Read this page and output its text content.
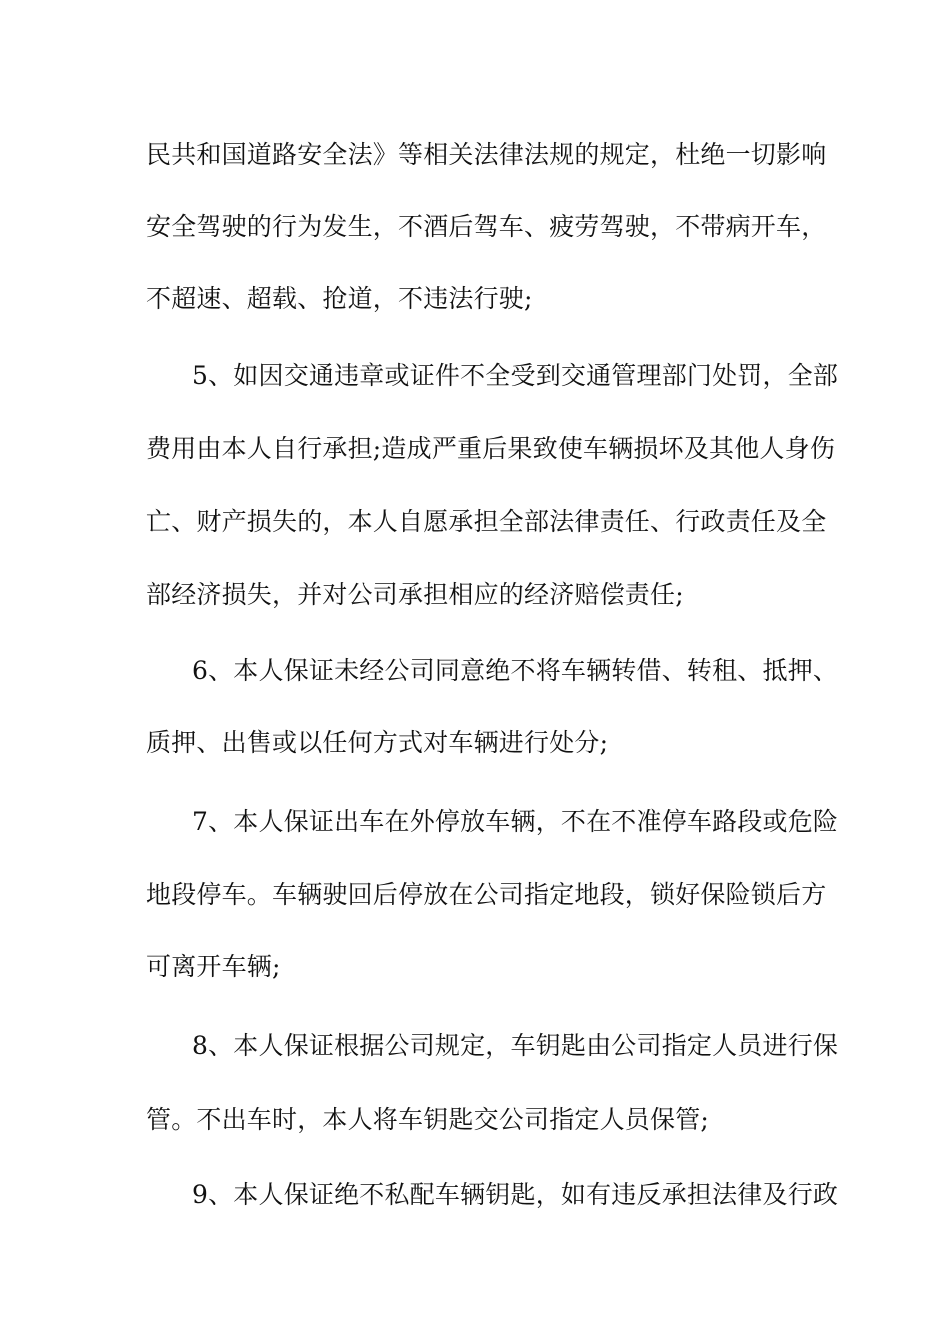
民共和国道路安全法》等相关法律法规的规定，杜绝一切影响
安全驾驶的行为发生，不酒后驾车、疲劳驾驶，不带病开车，
不超速、超载、抢道，不违法行驶;
5、如因交通违章或证件不全受到交通管理部门处罚，全部
费用由本人自行承担;造成严重后果致使车辆损坏及其他人身伤
亡、财产损失的，本人自愿承担全部法律责任、行政责任及全
部经济损失，并对公司承担相应的经济赔偿责任;
6、本人保证未经公司同意绝不将车辆转借、转租、抵押、
质押、出售或以任何方式对车辆进行处分;
7、本人保证出车在外停放车辆，不在不准停车路段或危险
地段停车。车辆驶回后停放在公司指定地段，锁好保险锁后方
可离开车辆;
8、本人保证根据公司规定，车钥匙由公司指定人员进行保
管。不出车时，本人将车钥匙交公司指定人员保管;
9、本人保证绝不私配车辆钥匙，如有违反承担法律及行政
